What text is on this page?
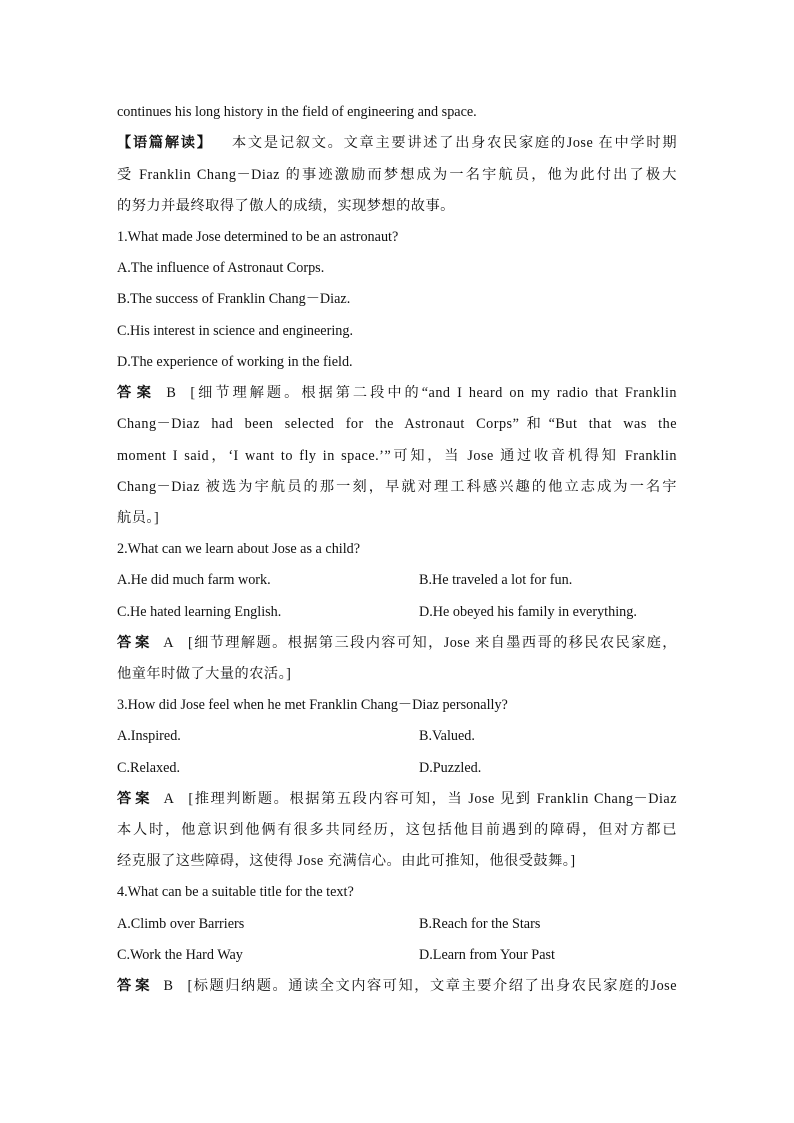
continues his long history in the field of engineering and space.
【语篇解读】 本文是记叙文。文章主要讲述了出身农民家庭的Jose 在中学时期
受 Franklin Chang－Diaz 的事迹激励而梦想成为一名宇航员，他为此付出了极大
的努力并最终取得了傲人的成绩，实现梦想的故事。
1.What made Jose determined to be an astronaut?
A.The influence of Astronaut Corps.
B.The success of Franklin Chang－Diaz.
C.His interest in science and engineering.
D.The experience of working in the field.
答案 B [细节理解题。根据第二段中的“and I heard on my radio that Franklin
Chang－Diaz had been selected for the Astronaut Corps”和“But that was the
moment I said，‘I want to fly in space.’”可知，当 Jose 通过收音机得知 Franklin
Chang－Diaz 被选为宇航员的那一刻，早就对理工科感兴趣的他立志成为一名宇
航员。]
2.What can we learn about Jose as a child?
A.He did much farm work.	B.He traveled a lot for fun.
C.He hated learning English.	D.He obeyed his family in everything.
答案 A [细节理解题。根据第三段内容可知，Jose 来自墨西哥的移民农民家庭，
他童年时做了大量的农活。]
3.How did Jose feel when he met Franklin Chang－Diaz personally?
A.Inspired.	B.Valued.
C.Relaxed.	D.Puzzled.
答案 A [推理判断题。根据第五段内容可知，当 Jose 见到 Franklin Chang－Diaz
本人时，他意识到他俩有很多共同经历，这包括他目前遇到的障碍，但对方都已
经克服了这些障碍，这使得 Jose 充满信心。由此可推知，他很受鼓舞。]
4.What can be a suitable title for the text?
A.Climb over Barriers	B.Reach for the Stars
C.Work the Hard Way	D.Learn from Your Past
答案 B [标题归纳题。通读全文内容可知，文章主要介绍了出身农民家庭的Jose
